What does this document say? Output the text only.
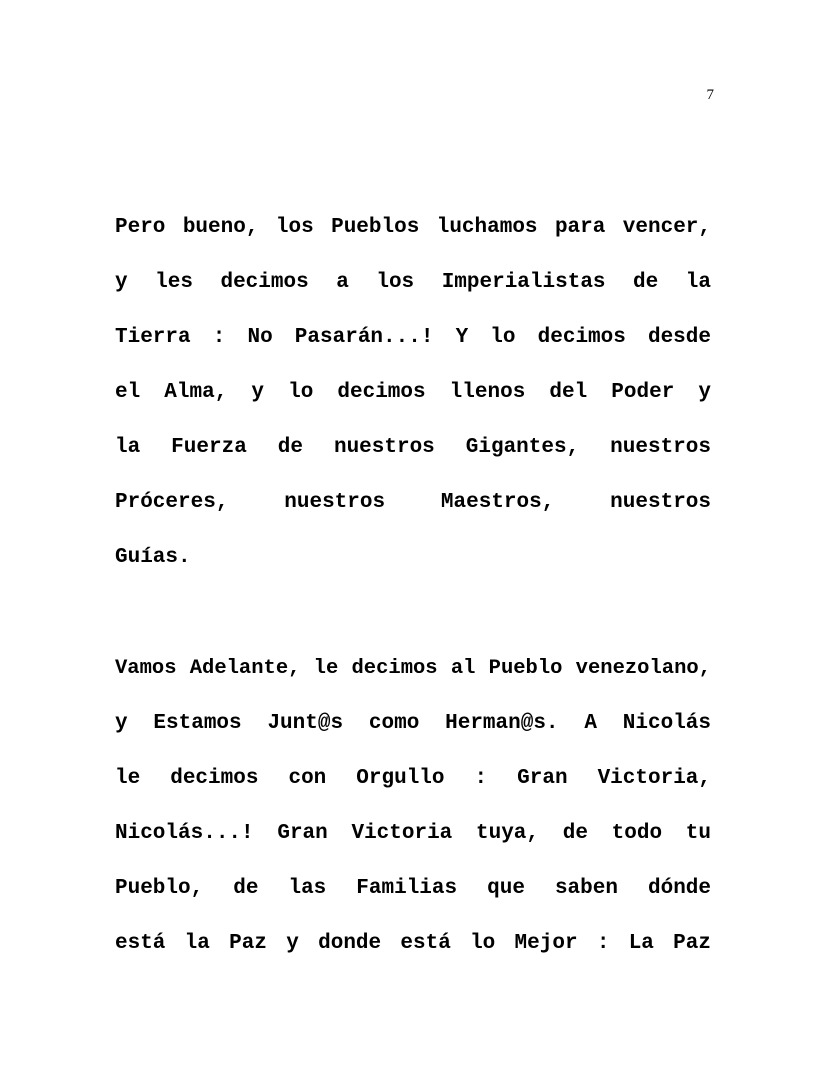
7
Pero bueno, los Pueblos luchamos para vencer,
y les decimos a los Imperialistas de la
Tierra : No Pasarán...! Y lo decimos desde
el Alma, y lo decimos llenos del Poder y
la Fuerza de nuestros Gigantes, nuestros
Próceres, nuestros Maestros, nuestros
Guías.
Vamos Adelante, le decimos al Pueblo venezolano,
y Estamos Junt@s como Herman@s. A Nicolás
le decimos con Orgullo : Gran Victoria,
Nicolás...! Gran Victoria tuya, de todo tu
Pueblo, de las Familias que saben dónde
está la Paz y donde está lo Mejor : La Paz
